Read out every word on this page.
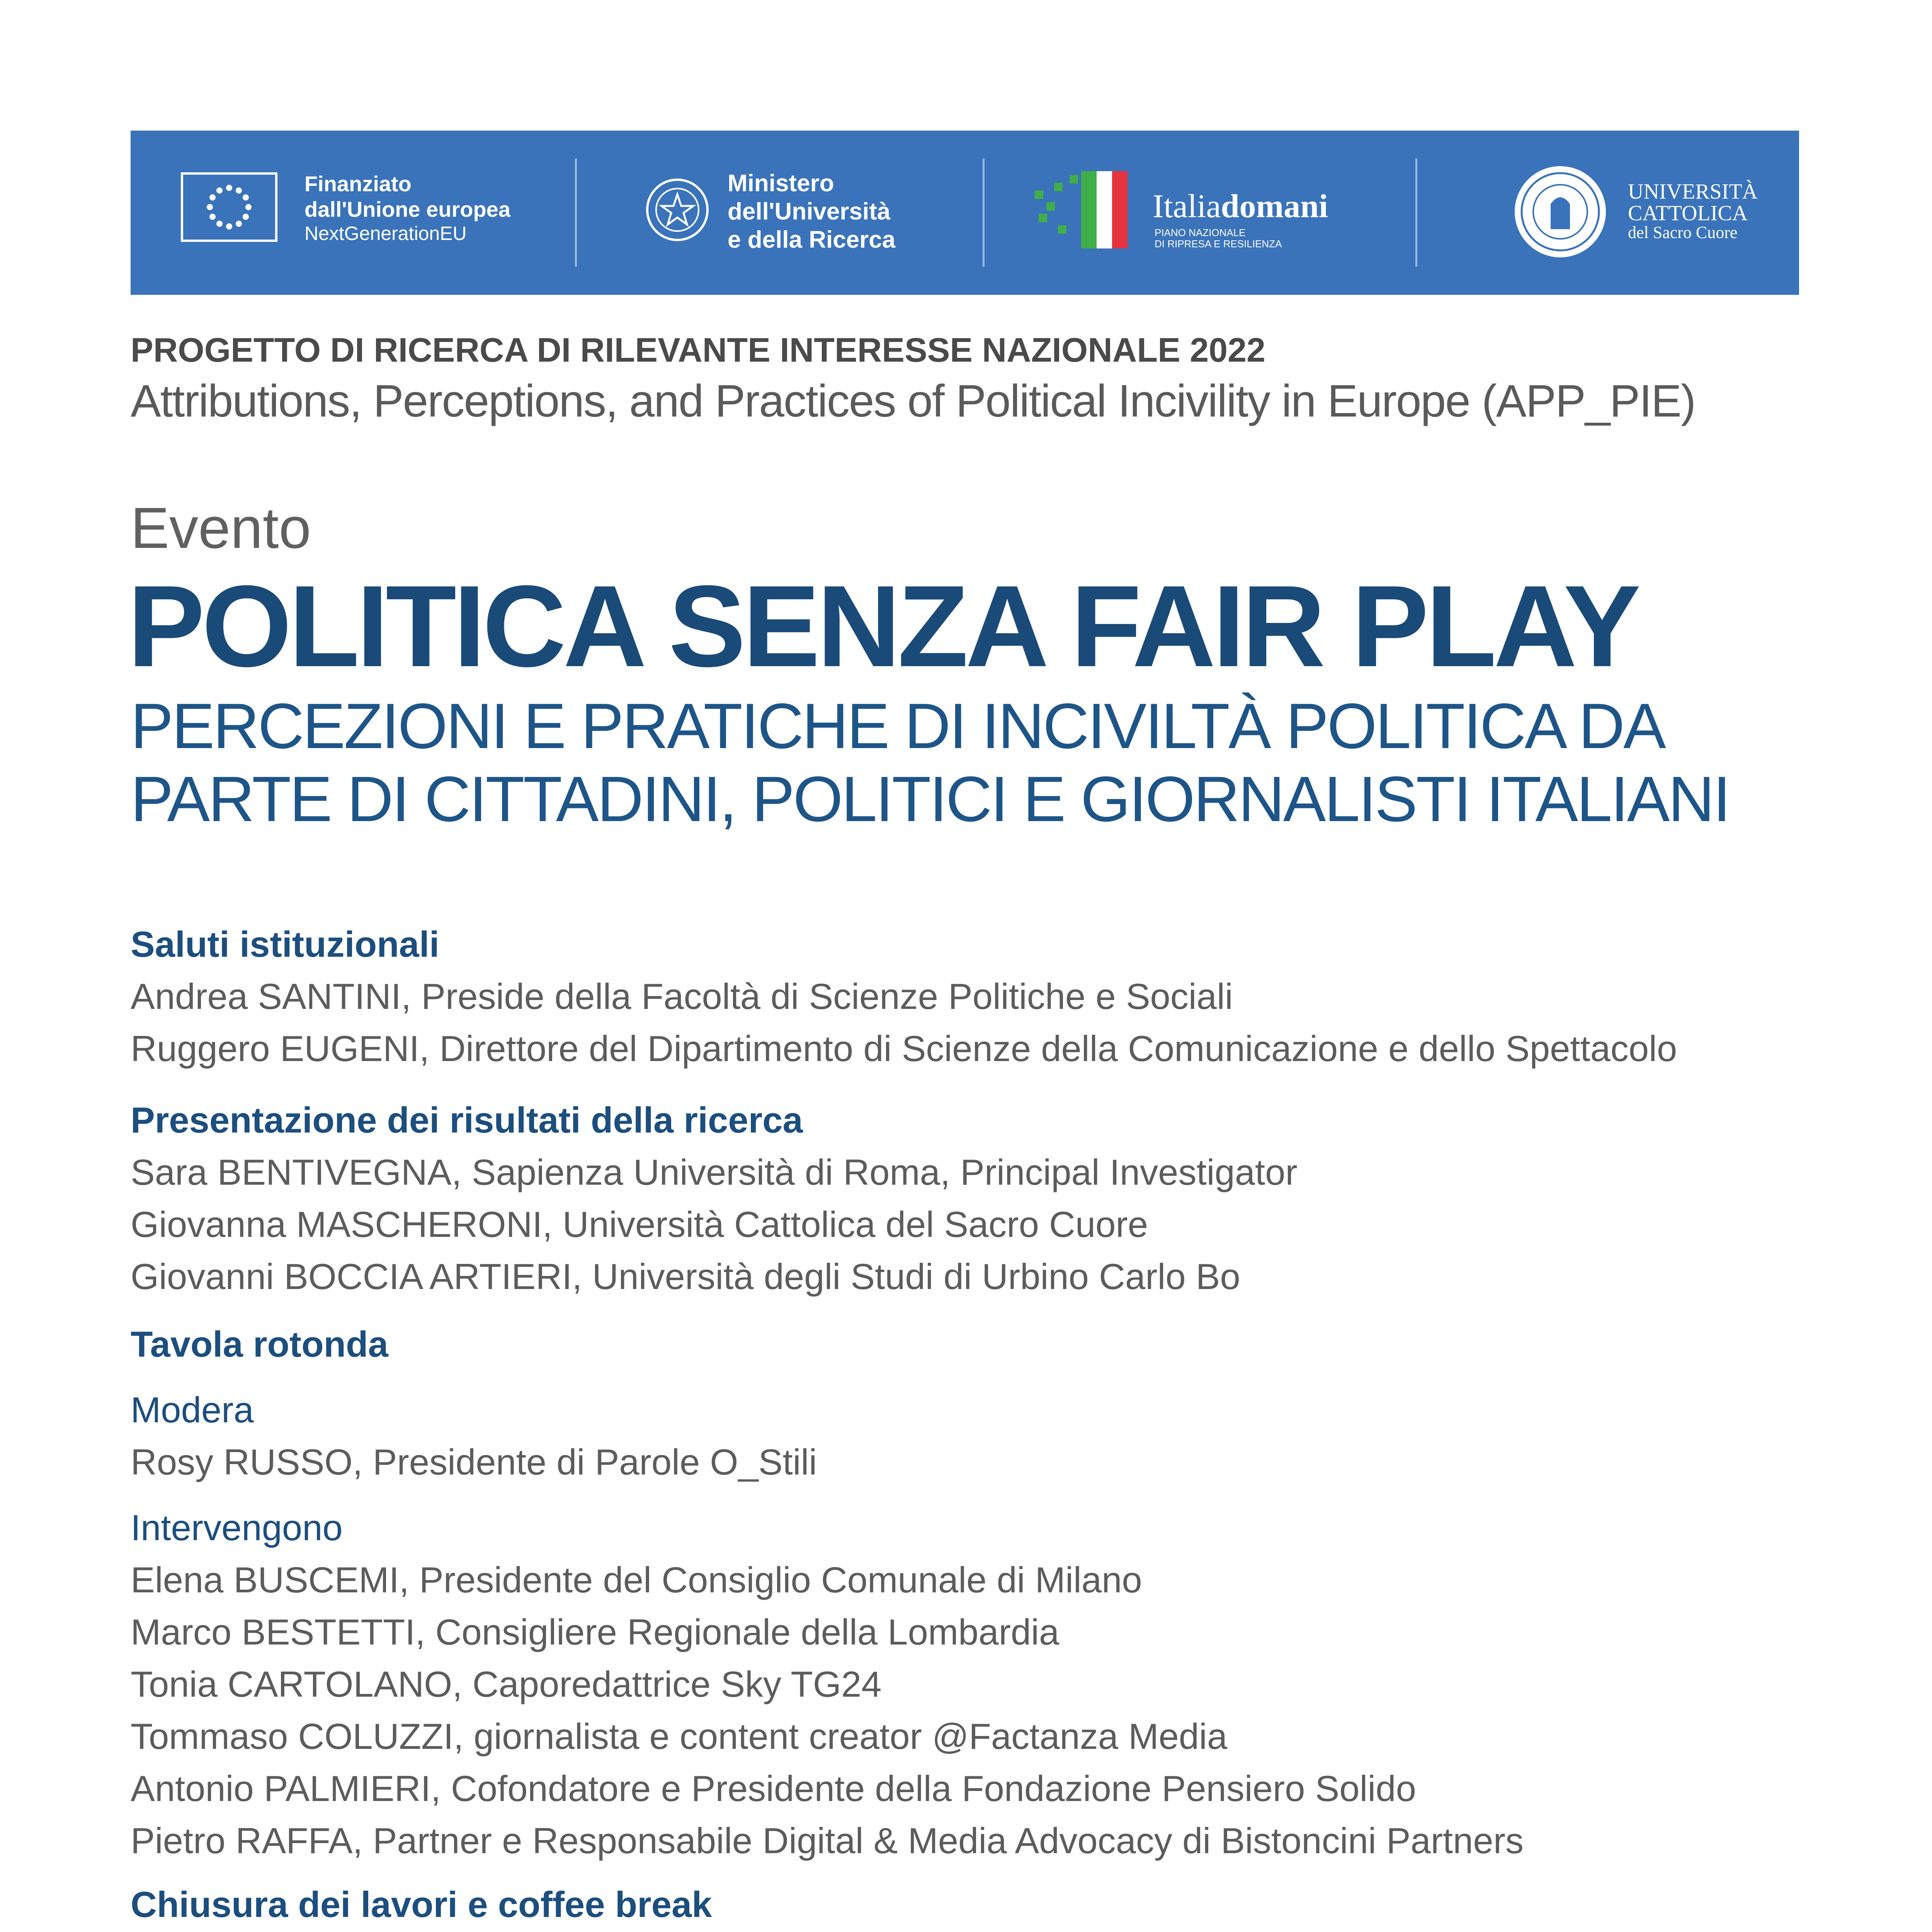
Finanziato
dall'Unione europea
NextGenerationEU
Ministero
dell'Università
e della Ricerca
Italiadomani
PIANO NAZIONALE
DI RIPRESA E RESILIENZA
UNIVERSITÀ
CATTOLICA
del Sacro Cuore
PROGETTO DI RICERCA DI RILEVANTE INTERESSE NAZIONALE 2022
Attributions, Perceptions, and Practices of Political Incivility in Europe (APP_PIE)
Evento
POLITICA SENZA FAIR PLAY
PERCEZIONI E PRATICHE DI INCIVILTÀ POLITICA DA
PARTE DI CITTADINI, POLITICI E GIORNALISTI ITALIANI
Saluti istituzionali
Andrea SANTINI, Preside della Facoltà di Scienze Politiche e Sociali
Ruggero EUGENI, Direttore del Dipartimento di Scienze della Comunicazione e dello Spettacolo
Presentazione dei risultati della ricerca
Sara BENTIVEGNA, Sapienza Università di Roma, Principal Investigator
Giovanna MASCHERONI, Università Cattolica del Sacro Cuore
Giovanni BOCCIA ARTIERI, Università degli Studi di Urbino Carlo Bo
Tavola rotonda
Modera
Rosy RUSSO, Presidente di Parole O_Stili
Intervengono
Elena BUSCEMI, Presidente del Consiglio Comunale di Milano
Marco BESTETTI, Consigliere Regionale della Lombardia
Tonia CARTOLANO, Caporedattrice Sky TG24
Tommaso COLUZZI, giornalista e content creator @Factanza Media
Antonio PALMIERI, Cofondatore e Presidente della Fondazione Pensiero Solido
Pietro RAFFA, Partner e Responsabile Digital & Media Advocacy di Bistoncini Partners
Chiusura dei lavori e coffee break
